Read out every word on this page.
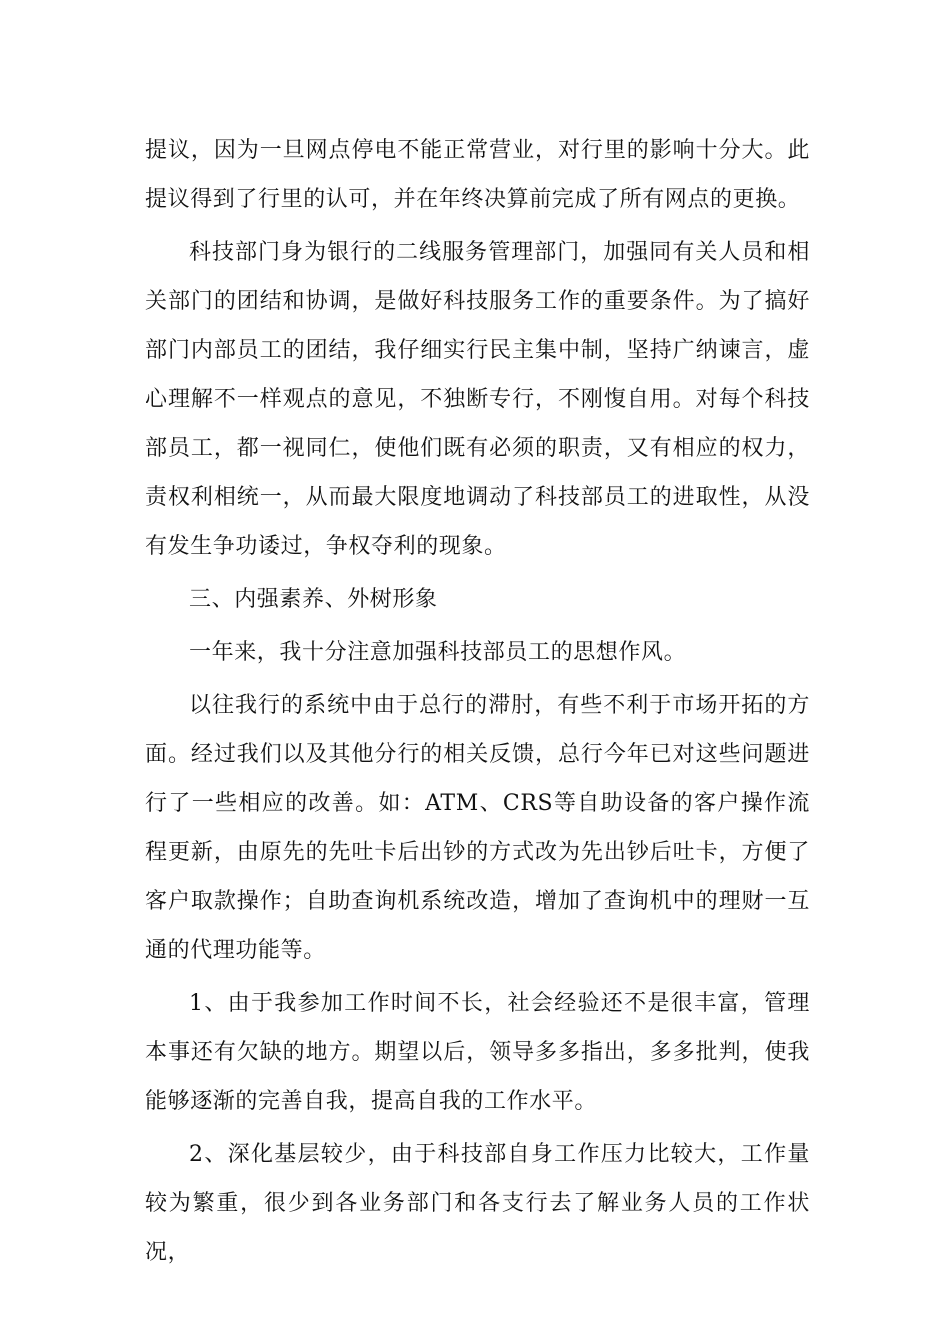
提议，因为一旦网点停电不能正常营业，对行里的影响十分大。此提议得到了行里的认可，并在年终决算前完成了所有网点的更换。

科技部门身为银行的二线服务管理部门，加强同有关人员和相关部门的团结和协调，是做好科技服务工作的重要条件。为了搞好部门内部员工的团结，我仔细实行民主集中制，坚持广纳谏言，虚心理解不一样观点的意见，不独断专行，不刚愎自用。对每个科技部员工，都一视同仁，使他们既有必须的职责，又有相应的权力，责权利相统一，从而最大限度地调动了科技部员工的进取性，从没有发生争功诿过，争权夺利的现象。

三、内强素养、外树形象

一年来，我十分注意加强科技部员工的思想作风。

以往我行的系统中由于总行的滞肘，有些不利于市场开拓的方面。经过我们以及其他分行的相关反馈，总行今年已对这些问题进行了一些相应的改善。如：ATM、CRS等自助设备的客户操作流程更新，由原先的先吐卡后出钞的方式改为先出钞后吐卡，方便了客户取款操作；自助查询机系统改造，增加了查询机中的理财一互通的代理功能等。

1、由于我参加工作时间不长，社会经验还不是很丰富，管理本事还有欠缺的地方。期望以后，领导多多指出，多多批判，使我能够逐渐的完善自我，提高自我的工作水平。

2、深化基层较少，由于科技部自身工作压力比较大，工作量较为繁重，很少到各业务部门和各支行去了解业务人员的工作状况，
